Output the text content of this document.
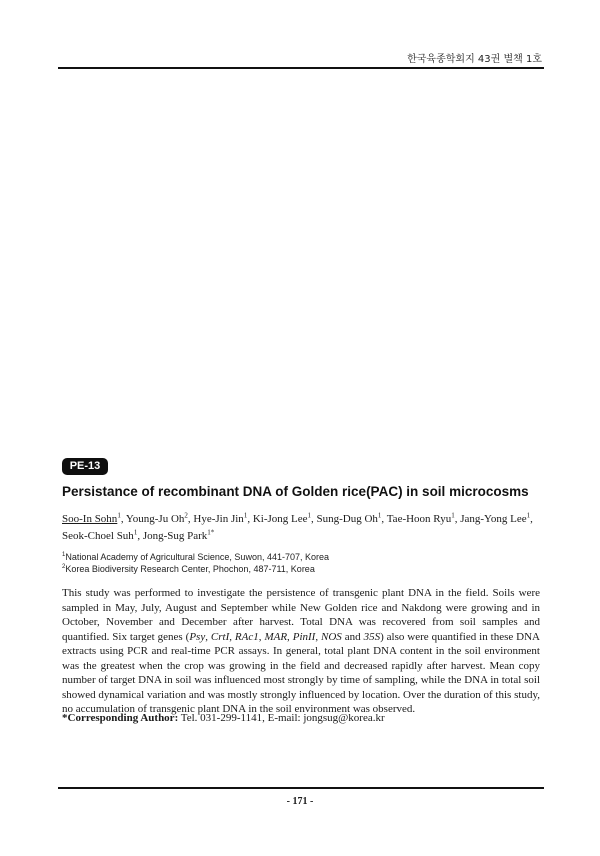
한국육종학회지 43권 별책 1호
PE-13
Persistance of recombinant DNA of Golden rice(PAC) in soil microcosms
Soo-In Sohn$^1$, Young-Ju Oh$^2$, Hye-Jin Jin$^1$, Ki-Jong Lee$^1$, Sung-Dug Oh$^1$, Tae-Hoon Ryu$^1$, Jang-Yong Lee$^1$,
Seok-Choel Suh$^1$, Jong-Sug Park$^{1*}$
$^1$National Academy of Agricultural Science, Suwon, 441-707, Korea
$^2$Korea Biodiversity Research Center, Phochon, 487-711, Korea
This study was performed to investigate the persistence of transgenic plant DNA in the field. Soils were sampled in May, July, August and September while New Golden rice and Nakdong were growing and in October, November and December after harvest. Total DNA was recovered from soil samples and quantified. Six target genes (Psy, CrtI, RAc1, MAR, PinII, NOS and 35S) also were quantified in these DNA extracts using PCR and real-time PCR assays. In general, total plant DNA content in the soil environment was the greatest when the crop was growing in the field and decreased rapidly after harvest. Mean copy number of target DNA in soil was influenced most strongly by time of sampling, while the DNA in total soil showed dynamical variation and was mostly strongly influenced by location. Over the duration of this study, no accumulation of transgenic plant DNA in the soil environment was observed.
*Corresponding Author: Tel. 031-299-1141, E-mail: jongsug@korea.kr
- 171 -
